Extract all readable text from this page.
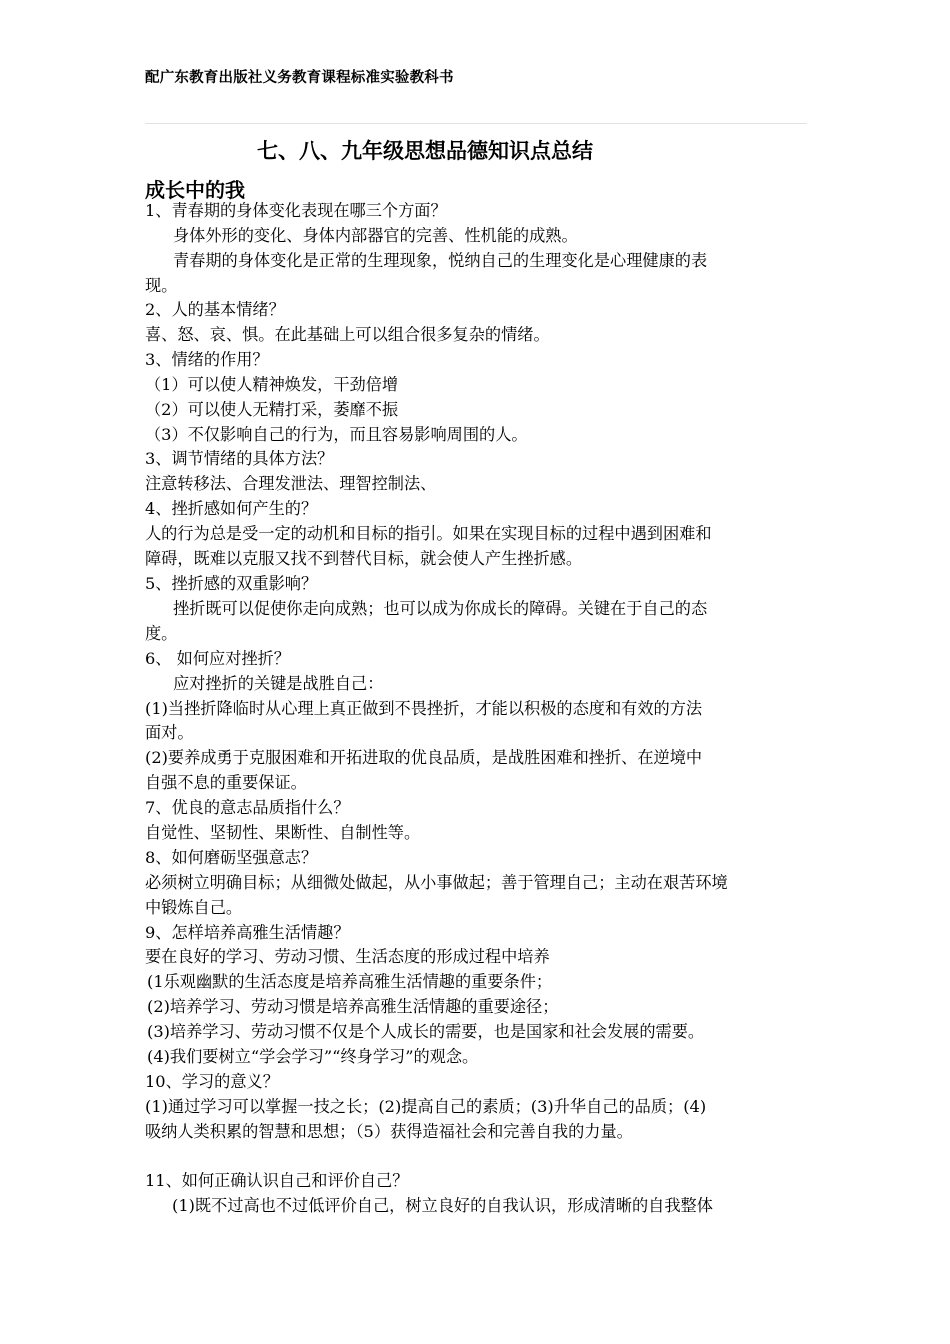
配广东教育出版社义务教育课程标准实验教科书
七、八、九年级思想品德知识点总结
成长中的我
1、青春期的身体变化表现在哪三个方面？
身体外形的变化、身体内部器官的完善、性机能的成熟。
青春期的身体变化是正常的生理现象，悦纳自己的生理变化是心理健康的表
现。
2、人的基本情绪？
喜、怒、哀、惧。在此基础上可以组合很多复杂的情绪。
3、情绪的作用？
（1）可以使人精神焕发，干劲倍增
（2）可以使人无精打采，萎靡不振
（3）不仅影响自己的行为，而且容易影响周围的人。
3、调节情绪的具体方法？
注意转移法、合理发泄法、理智控制法、
4、挫折感如何产生的？
人的行为总是受一定的动机和目标的指引。如果在实现目标的过程中遇到困难和
障碍，既难以克服又找不到替代目标，就会使人产生挫折感。
5、挫折感的双重影响？
挫折既可以促使你走向成熟；也可以成为你成长的障碍。关键在于自己的态
度。
6、 如何应对挫折？
应对挫折的关键是战胜自己：
(1)当挫折降临时从心理上真正做到不畏挫折，才能以积极的态度和有效的方法
面对。
(2)要养成勇于克服困难和开拓进取的优良品质，是战胜困难和挫折、在逆境中
自强不息的重要保证。
7、优良的意志品质指什么？
自觉性、坚韧性、果断性、自制性等。
8、如何磨砺坚强意志？
必须树立明确目标；从细微处做起，从小事做起；善于管理自己；主动在艰苦环境
中锻炼自己。
9、怎样培养高雅生活情趣？
要在良好的学习、劳动习惯、生活态度的形成过程中培养
(1乐观幽默的生活态度是培养高雅生活情趣的重要条件；
(2)培养学习、劳动习惯是培养高雅生活情趣的重要途径；
(3)培养学习、劳动习惯不仅是个人成长的需要，也是国家和社会发展的需要。
(4)我们要树立“学会学习”“终身学习”的观念。
10、学习的意义？
(1)通过学习可以掌握一技之长；(2)提高自己的素质；(3)升华自己的品质；(4)
吸纳人类积累的智慧和思想；（5）获得造福社会和完善自我的力量。
11、如何正确认识自己和评价自己？
(1)既不过高也不过低评价自己，树立良好的自我认识，形成清晰的自我整体
